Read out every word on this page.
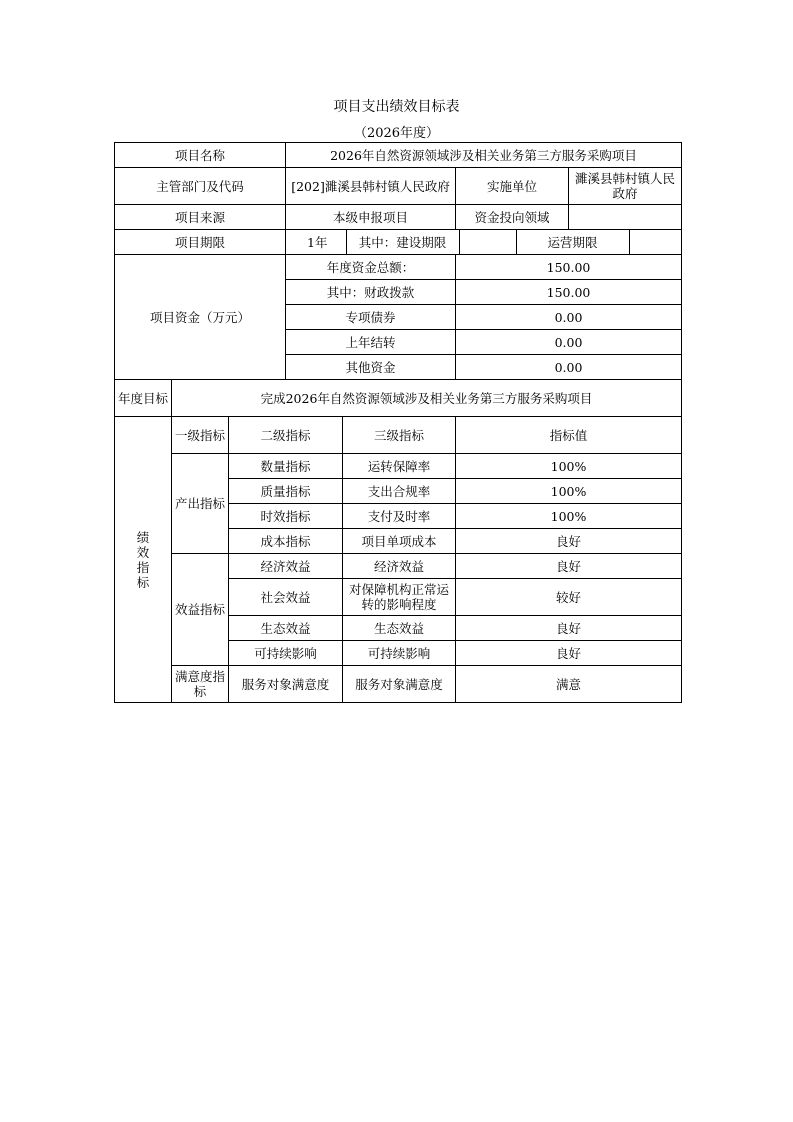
项目支出绩效目标表
（2026年度）
项目名称	2026年自然资源领域涉及相关业务第三方服务采购项目
主管部门及代码	[202]濉溪县韩村镇人民政府	实施单位	濉溪县韩村镇人民政府
项目来源	本级申报项目	资金投向领域	
项目期限		1年	其中：建设期限		运营期限	

项目资金（万元）	年度资金总额：	150.00
其中：财政拨款	150.00
专项债券	0.00
上年结转	0.00
其他资金	0.00
年度目标	完成2026年自然资源领域涉及相关业务第三方服务采购项目
绩效指标	一级指标	二级指标	三级指标	指标值
产出指标	数量指标	运转保障率	100%
质量指标	支出合规率	100%
时效指标	支付及时率	100%
成本指标	项目单项成本	良好
效益指标	经济效益	经济效益	良好
社会效益	对保障机构正常运转的影响程度	较好
生态效益	生态效益	良好
可持续影响	可持续影响	良好
满意度指标	服务对象满意度	服务对象满意度	满意
